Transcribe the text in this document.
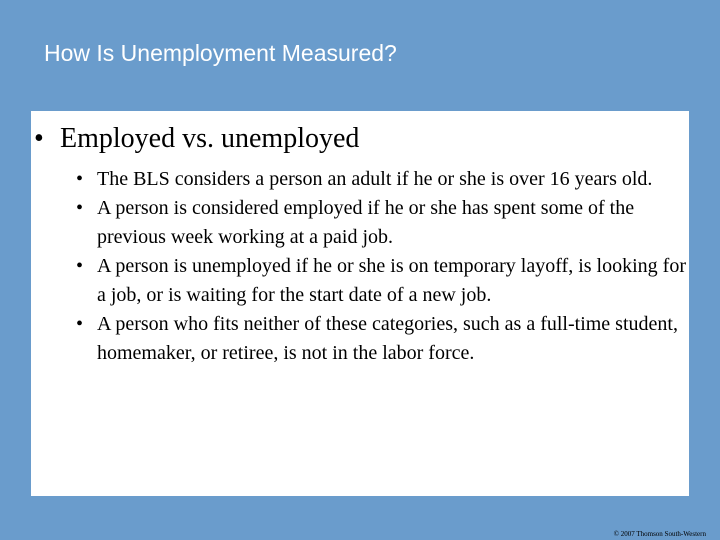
How Is Unemployment Measured?
• Employed vs. unemployed
• The BLS considers a person an adult if he or she is over 16 years old.
• A person is considered employed if he or she has spent some of the previous week working at a paid job.
• A person is unemployed if he or she is on temporary layoff, is looking for a job, or is waiting for the start date of a new job.
• A person who fits neither of these categories, such as a full-time student, homemaker, or retiree, is not in the labor force.
© 2007 Thomson South-Western
